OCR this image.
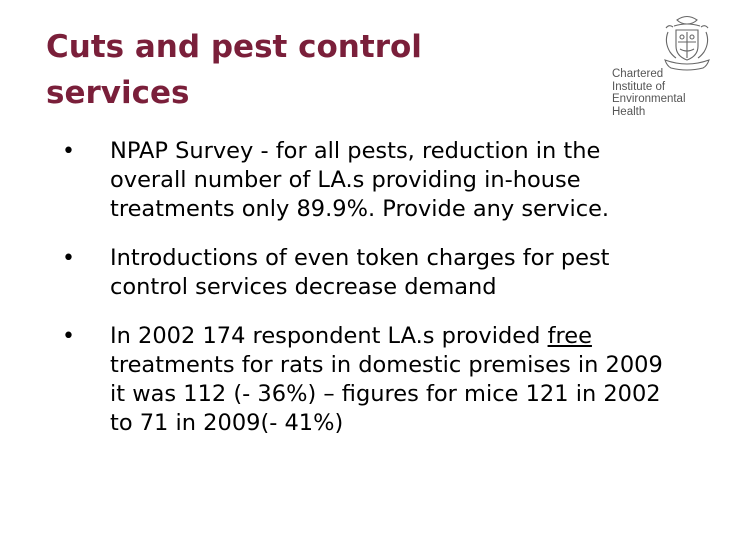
Cuts and pest control
services
Chartered
Institute of
Environmental
Health
• NPAP Survey - for all pests, reduction in the overall number of LA.s providing in-house treatments only 89.9%. Provide any service.
• Introductions of even token charges for pest control services decrease demand
• In 2002 174 respondent LA.s provided free treatments for rats in domestic premises in 2009 it was 112 (- 36%) – figures for mice 121 in 2002 to 71 in 2009(- 41%)
